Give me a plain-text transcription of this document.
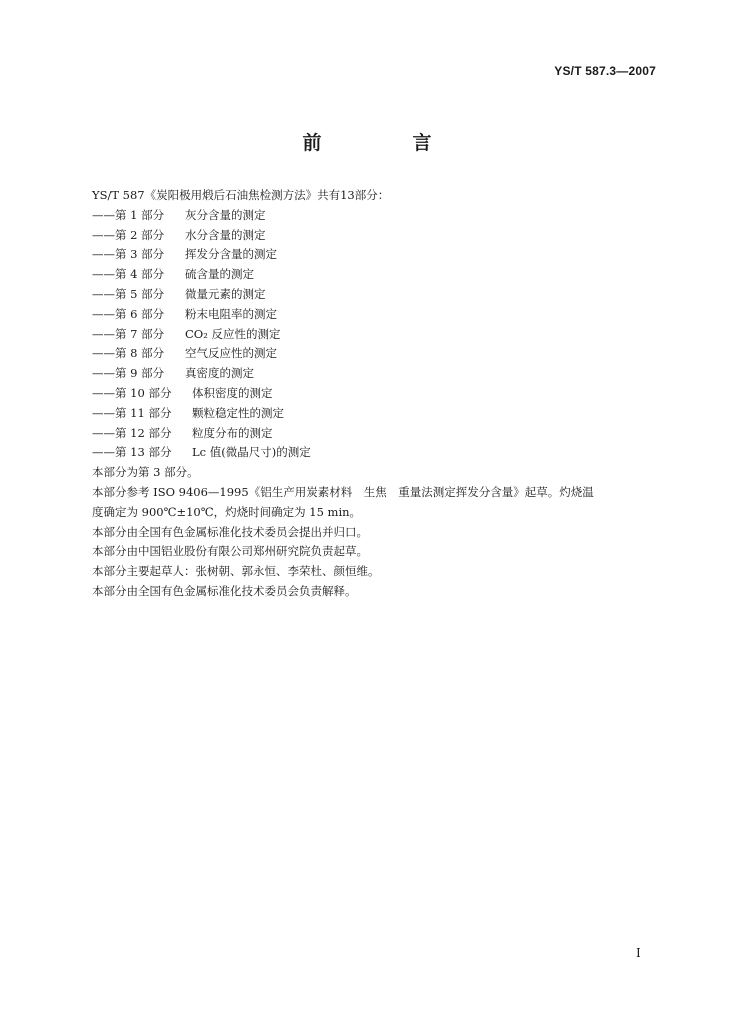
YS/T 587.3—2007
前　言

YS/T 587《炭阳极用煅后石油焦检测方法》共有13部分：

——第 1 部分	灰分含量的测定
——第 2 部分	水分含量的测定
——第 3 部分	挥发分含量的测定
——第 4 部分	硫含量的测定
——第 5 部分	微量元素的测定
——第 6 部分	粉末电阻率的测定
——第 7 部分	CO₂ 反应性的测定
——第 8 部分	空气反应性的测定
——第 9 部分	真密度的测定
——第 10 部分	体积密度的测定
——第 11 部分	颗粒稳定性的测定
——第 12 部分	粒度分布的测定
——第 13 部分	Lc 值(微晶尺寸)的测定

本部分为第 3 部分。

本部分参考 ISO 9406—1995《铝生产用炭素材料　生焦　重量法测定挥发分含量》起草。灼烧温

度确定为 900℃±10℃，灼烧时间确定为 15 min。

本部分由全国有色金属标准化技术委员会提出并归口。

本部分由中国铝业股份有限公司郑州研究院负责起草。

本部分主要起草人：张树朝、郭永恒、李荣杜、颜恒维。

本部分由全国有色金属标准化技术委员会负责解释。

I
